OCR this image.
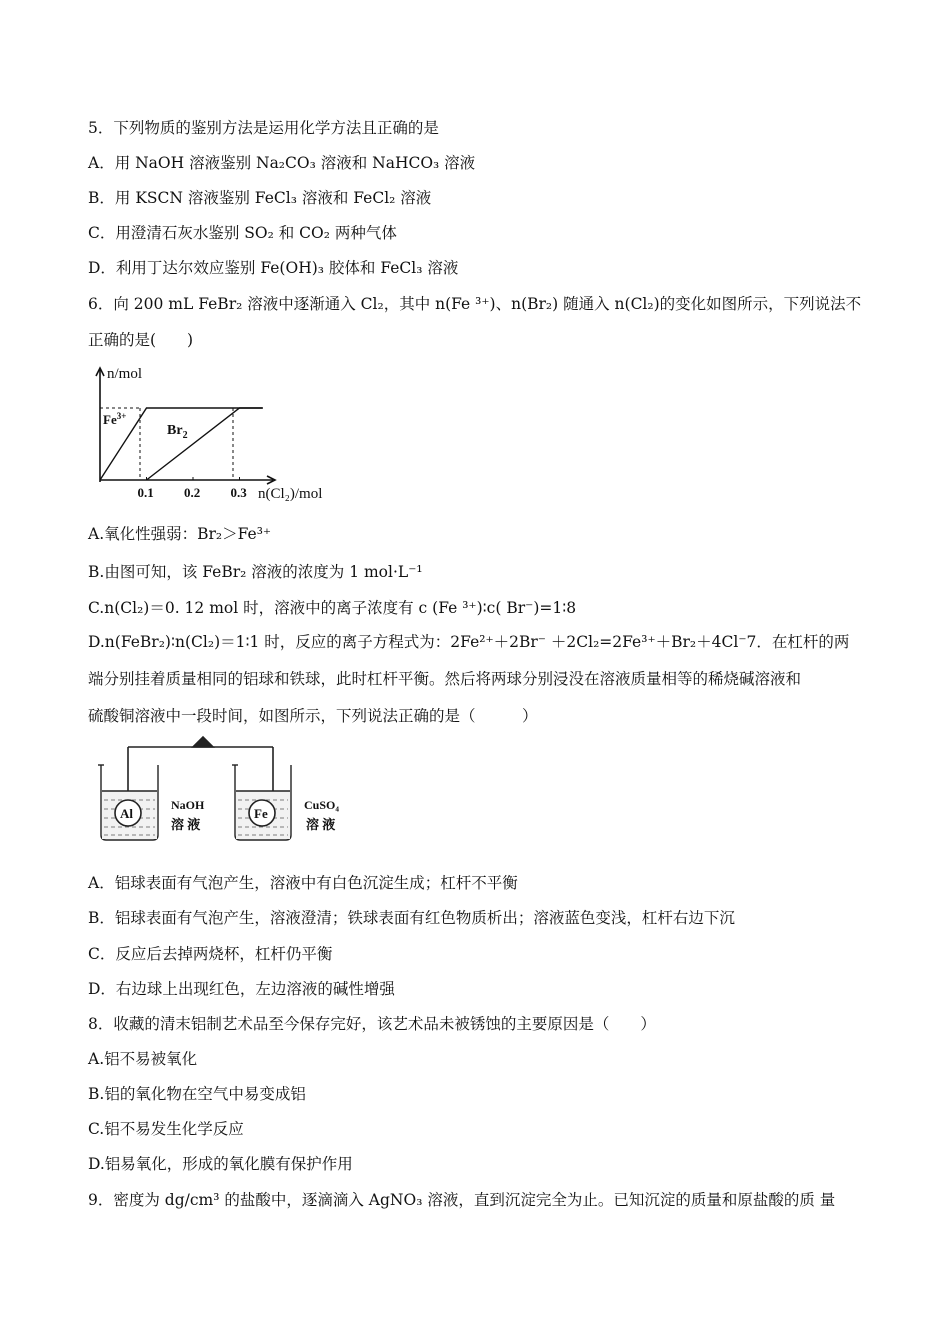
5．下列物质的鉴别方法是运用化学方法且正确的是
A．用 NaOH 溶液鉴别 Na₂CO₃ 溶液和 NaHCO₃ 溶液
B．用 KSCN 溶液鉴别 FeCl₃ 溶液和 FeCl₂ 溶液
C．用澄清石灰水鉴别 SO₂ 和 CO₂ 两种气体
D．利用丁达尔效应鉴别 Fe(OH)₃ 胶体和 FeCl₃ 溶液
6．向 200 mL FeBr₂ 溶液中逐渐通入 Cl₂，其中 n(Fe ³⁺)、n(Br₂) 随通入 n(Cl₂)的变化如图所示，下列说法不
正确的是(　　)
n/mol
n(Cl₂)/mol
0.1 0.2 0.3
$Fe^{3+}$
$Br_2$
A.氧化性强弱：Br₂＞Fe³⁺
B.由图可知，该 FeBr₂ 溶液的浓度为 1 mol·L⁻¹
C.n(Cl₂)＝0. 12 mol 时，溶液中的离子浓度有 c (Fe ³⁺)∶c( Br⁻)=1∶8
D.n(FeBr₂)∶n(Cl₂)＝1∶1 时，反应的离子方程式为：2Fe²⁺＋2Br⁻ ＋2Cl₂=2Fe³⁺＋Br₂＋4Cl⁻7．在杠杆的两
端分别挂着质量相同的铝球和铁球，此时杠杆平衡。然后将两球分别浸没在溶液质量相等的稀烧碱溶液和
硫酸铜溶液中一段时间，如图所示，下列说法正确的是（　　　）
Al
NaOH
溶 液
Fe
CuSO₄
溶 液
A．铝球表面有气泡产生，溶液中有白色沉淀生成；杠杆不平衡
B．铝球表面有气泡产生，溶液澄清；铁球表面有红色物质析出；溶液蓝色变浅，杠杆右边下沉
C．反应后去掉两烧杯，杠杆仍平衡
D．右边球上出现红色，左边溶液的碱性增强
8．收藏的清末铝制艺术品至今保存完好，该艺术品未被锈蚀的主要原因是（　　）
A.铝不易被氧化
B.铝的氧化物在空气中易变成铝
C.铝不易发生化学反应
D.铝易氧化，形成的氧化膜有保护作用
9．密度为 dg/cm³ 的盐酸中，逐滴滴入 AgNO₃ 溶液，直到沉淀完全为止。已知沉淀的质量和原盐酸的质 量
